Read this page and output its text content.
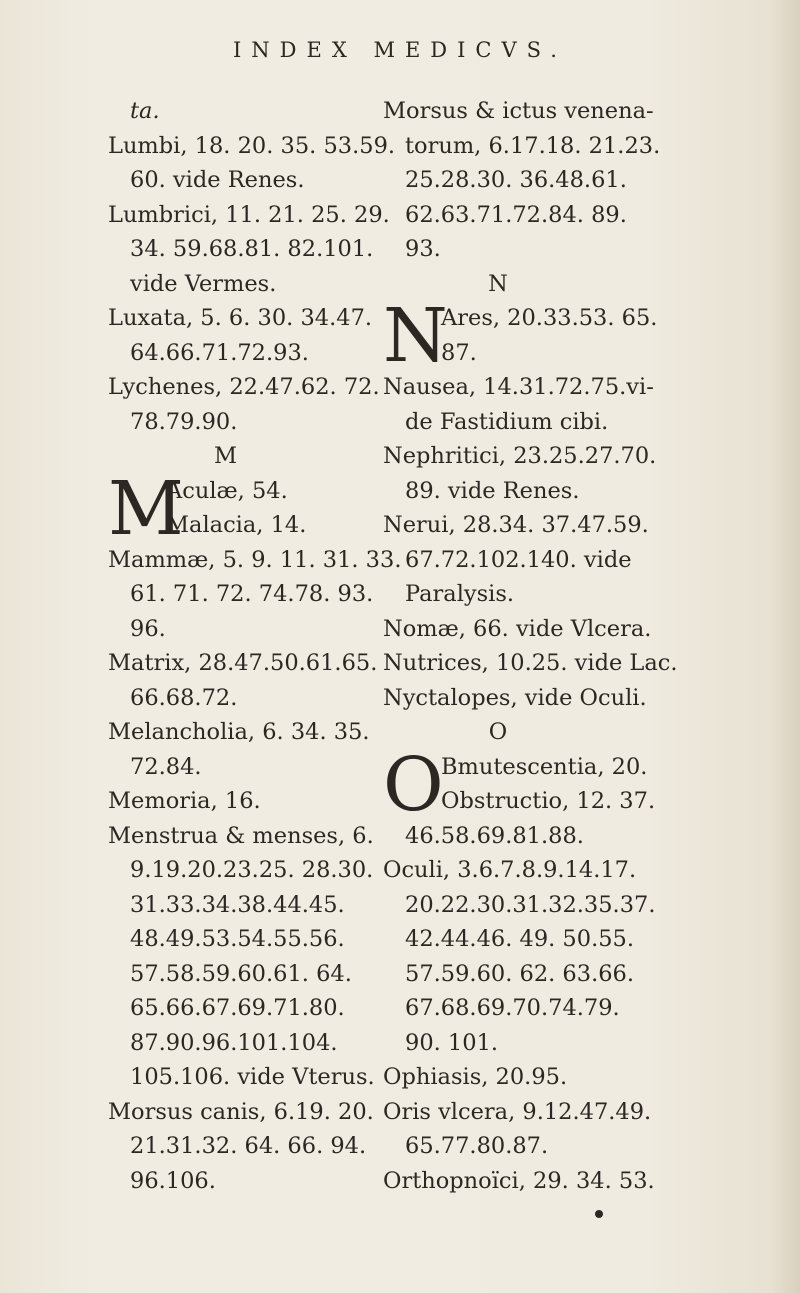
INDEX MEDICVS.
ta.
Lumbi, 18. 20. 35. 53.59.
60. vide Renes.
Lumbrici, 11. 21. 25. 29.
34. 59.68.81. 82.101.
vide Vermes.
Luxata, 5. 6. 30. 34.47.
64.66.71.72.93.
Lychenes, 22.47.62. 72.
78.79.90.
M
M
Aculæ, 54.
Malacia, 14.
Mammæ, 5. 9. 11. 31. 33.
61. 71. 72. 74.78. 93.
96.
Matrix, 28.47.50.61.65.
66.68.72.
Melancholia, 6. 34. 35.
72.84.
Memoria, 16.
Menstrua & menses, 6.
9.19.20.23.25. 28.30.
31.33.34.38.44.45.
48.49.53.54.55.56.
57.58.59.60.61. 64.
65.66.67.69.71.80.
87.90.96.101.104.
105.106. vide Vterus.
Morsus canis, 6.19. 20.
21.31.32. 64. 66. 94.
96.106.
Morsus & ictus venena-
torum, 6.17.18. 21.23.
25.28.30. 36.48.61.
62.63.71.72.84. 89.
93.
N
N
Ares, 20.33.53. 65.
87.
Nausea, 14.31.72.75.vi-
de Fastidium cibi.
Nephritici, 23.25.27.70.
89. vide Renes.
Nerui, 28.34. 37.47.59.
67.72.102.140. vide
Paralysis.
Nomæ, 66. vide Vlcera.
Nutrices, 10.25. vide Lac.
Nyctalopes, vide Oculi.
O
O
Bmutescentia, 20.
Obstructio, 12. 37.
46.58.69.81.88.
Oculi, 3.6.7.8.9.14.17.
20.22.30.31.32.35.37.
42.44.46. 49. 50.55.
57.59.60. 62. 63.66.
67.68.69.70.74.79.
90. 101.
Ophiasis, 20.95.
Oris vlcera, 9.12.47.49.
65.77.80.87.
Orthopnoïci, 29. 34. 53.
